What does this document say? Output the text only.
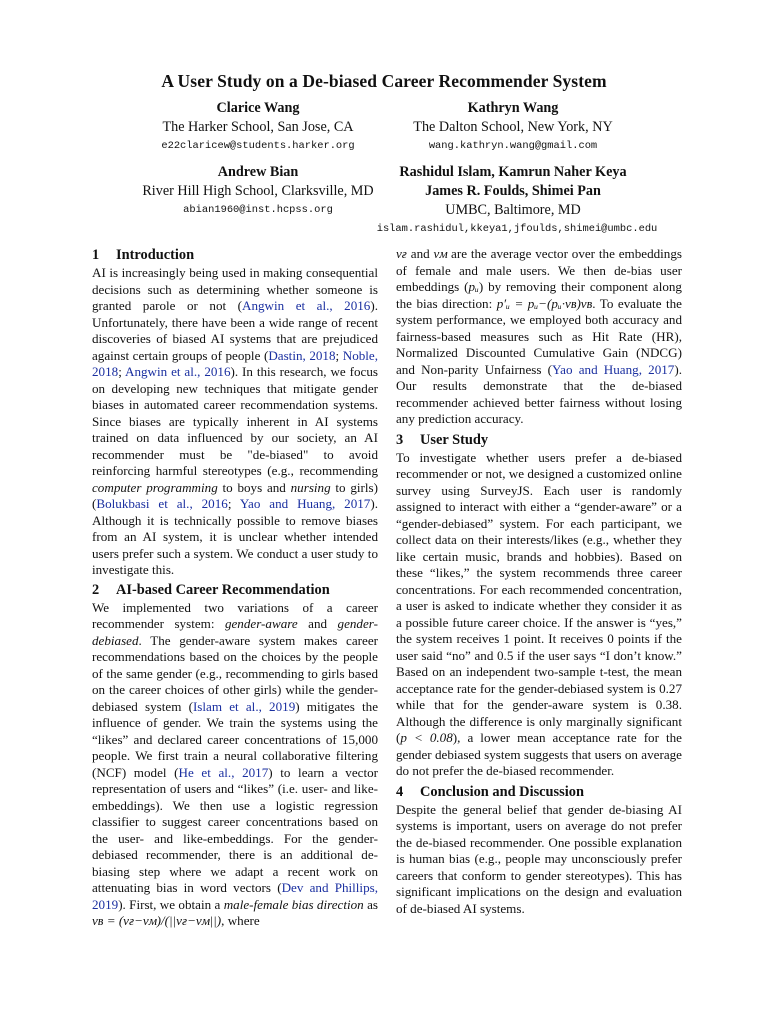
A User Study on a De-biased Career Recommender System
Clarice Wang
The Harker School, San Jose, CA
e22claricew@students.harker.org
Kathryn Wang
The Dalton School, New York, NY
wang.kathryn.wang@gmail.com
Andrew Bian
River Hill High School, Clarksville, MD
abian1960@inst.hcpss.org
Rashidul Islam, Kamrun Naher Keya
James R. Foulds, Shimei Pan
UMBC, Baltimore, MD
islam.rashidul,kkeya1,jfoulds,shimei@umbc.edu
1 Introduction

AI is increasingly being used in making consequential decisions such as determining whether someone is granted parole or not (Angwin et al., 2016). Unfortunately, there have been a wide range of recent discoveries of biased AI systems that are prejudiced against certain groups of people (Dastin, 2018; Noble, 2018; Angwin et al., 2016). In this research, we focus on developing new techniques that mitigate gender biases in automated career recommendation systems. Since biases are typically inherent in AI systems trained on data influenced by our society, an AI recommender must be "de-biased" to avoid reinforcing harmful stereotypes (e.g., recommending computer programming to boys and nursing to girls) (Bolukbasi et al., 2016; Yao and Huang, 2017). Although it is technically possible to remove biases from an AI system, it is unclear whether intended users prefer such a system. We conduct a user study to investigate this.

2 AI-based Career Recommendation

We implemented two variations of a career recommender system: gender-aware and gender-debiased. The gender-aware system makes career recommendations based on the choices by the people of the same gender (e.g., recommending to girls based on the career choices of other girls) while the gender-debiased system (Islam et al., 2019) mitigates the influence of gender. We train the systems using the “likes” and declared career concentrations of 15,000 people. We first train a neural collaborative filtering (NCF) model (He et al., 2017) to learn a vector representation of users and “likes” (i.e. user- and like-embeddings). We then use a logistic regression classifier to suggest career concentrations based on the user- and like-embeddings. For the gender-debiased recommender, there is an additional de-biasing step where we adapt a recent work on attenuating bias in word vectors (Dev and Phillips, 2019). First, we obtain a male-female bias direction as vʙ = (vғ−vᴍ)/(||vғ−vᴍ||), where

vғ and vᴍ are the average vector over the embeddings of female and male users. We then de-bias user embeddings (pᵤ) by removing their component along the bias direction: p′ᵤ = pᵤ−(pᵤ·vʙ)vʙ. To evaluate the system performance, we employed both accuracy and fairness-based measures such as Hit Rate (HR), Normalized Discounted Cumulative Gain (NDCG) and Non-parity Unfairness (Yao and Huang, 2017). Our results demonstrate that the de-biased recommender achieved better fairness without losing any prediction accuracy.

3 User Study

To investigate whether users prefer a de-biased recommender or not, we designed a customized online survey using SurveyJS. Each user is randomly assigned to interact with either a “gender-aware” or a “gender-debiased” system. For each participant, we collect data on their interests/likes (e.g., whether they like certain music, brands and hobbies). Based on these “likes,” the system recommends three career concentrations. For each recommended concentration, a user is asked to indicate whether they consider it as a possible future career choice. If the answer is “yes,” the system receives 1 point. It receives 0 points if the user said “no” and 0.5 if the user says “I don’t know.” Based on an independent two-sample t-test, the mean acceptance rate for the gender-debiased system is 0.27 while that for the gender-aware system is 0.38. Although the difference is only marginally significant (p < 0.08), a lower mean acceptance rate for the gender debiased system suggests that users on average do not prefer the de-biased recommender.

4 Conclusion and Discussion

Despite the general belief that gender de-biasing AI systems is important, users on average do not prefer the de-biased recommender. One possible explanation is human bias (e.g., people may unconsciously prefer careers that conform to gender stereotypes). This has significant implications on the design and evaluation of de-biased AI systems.
